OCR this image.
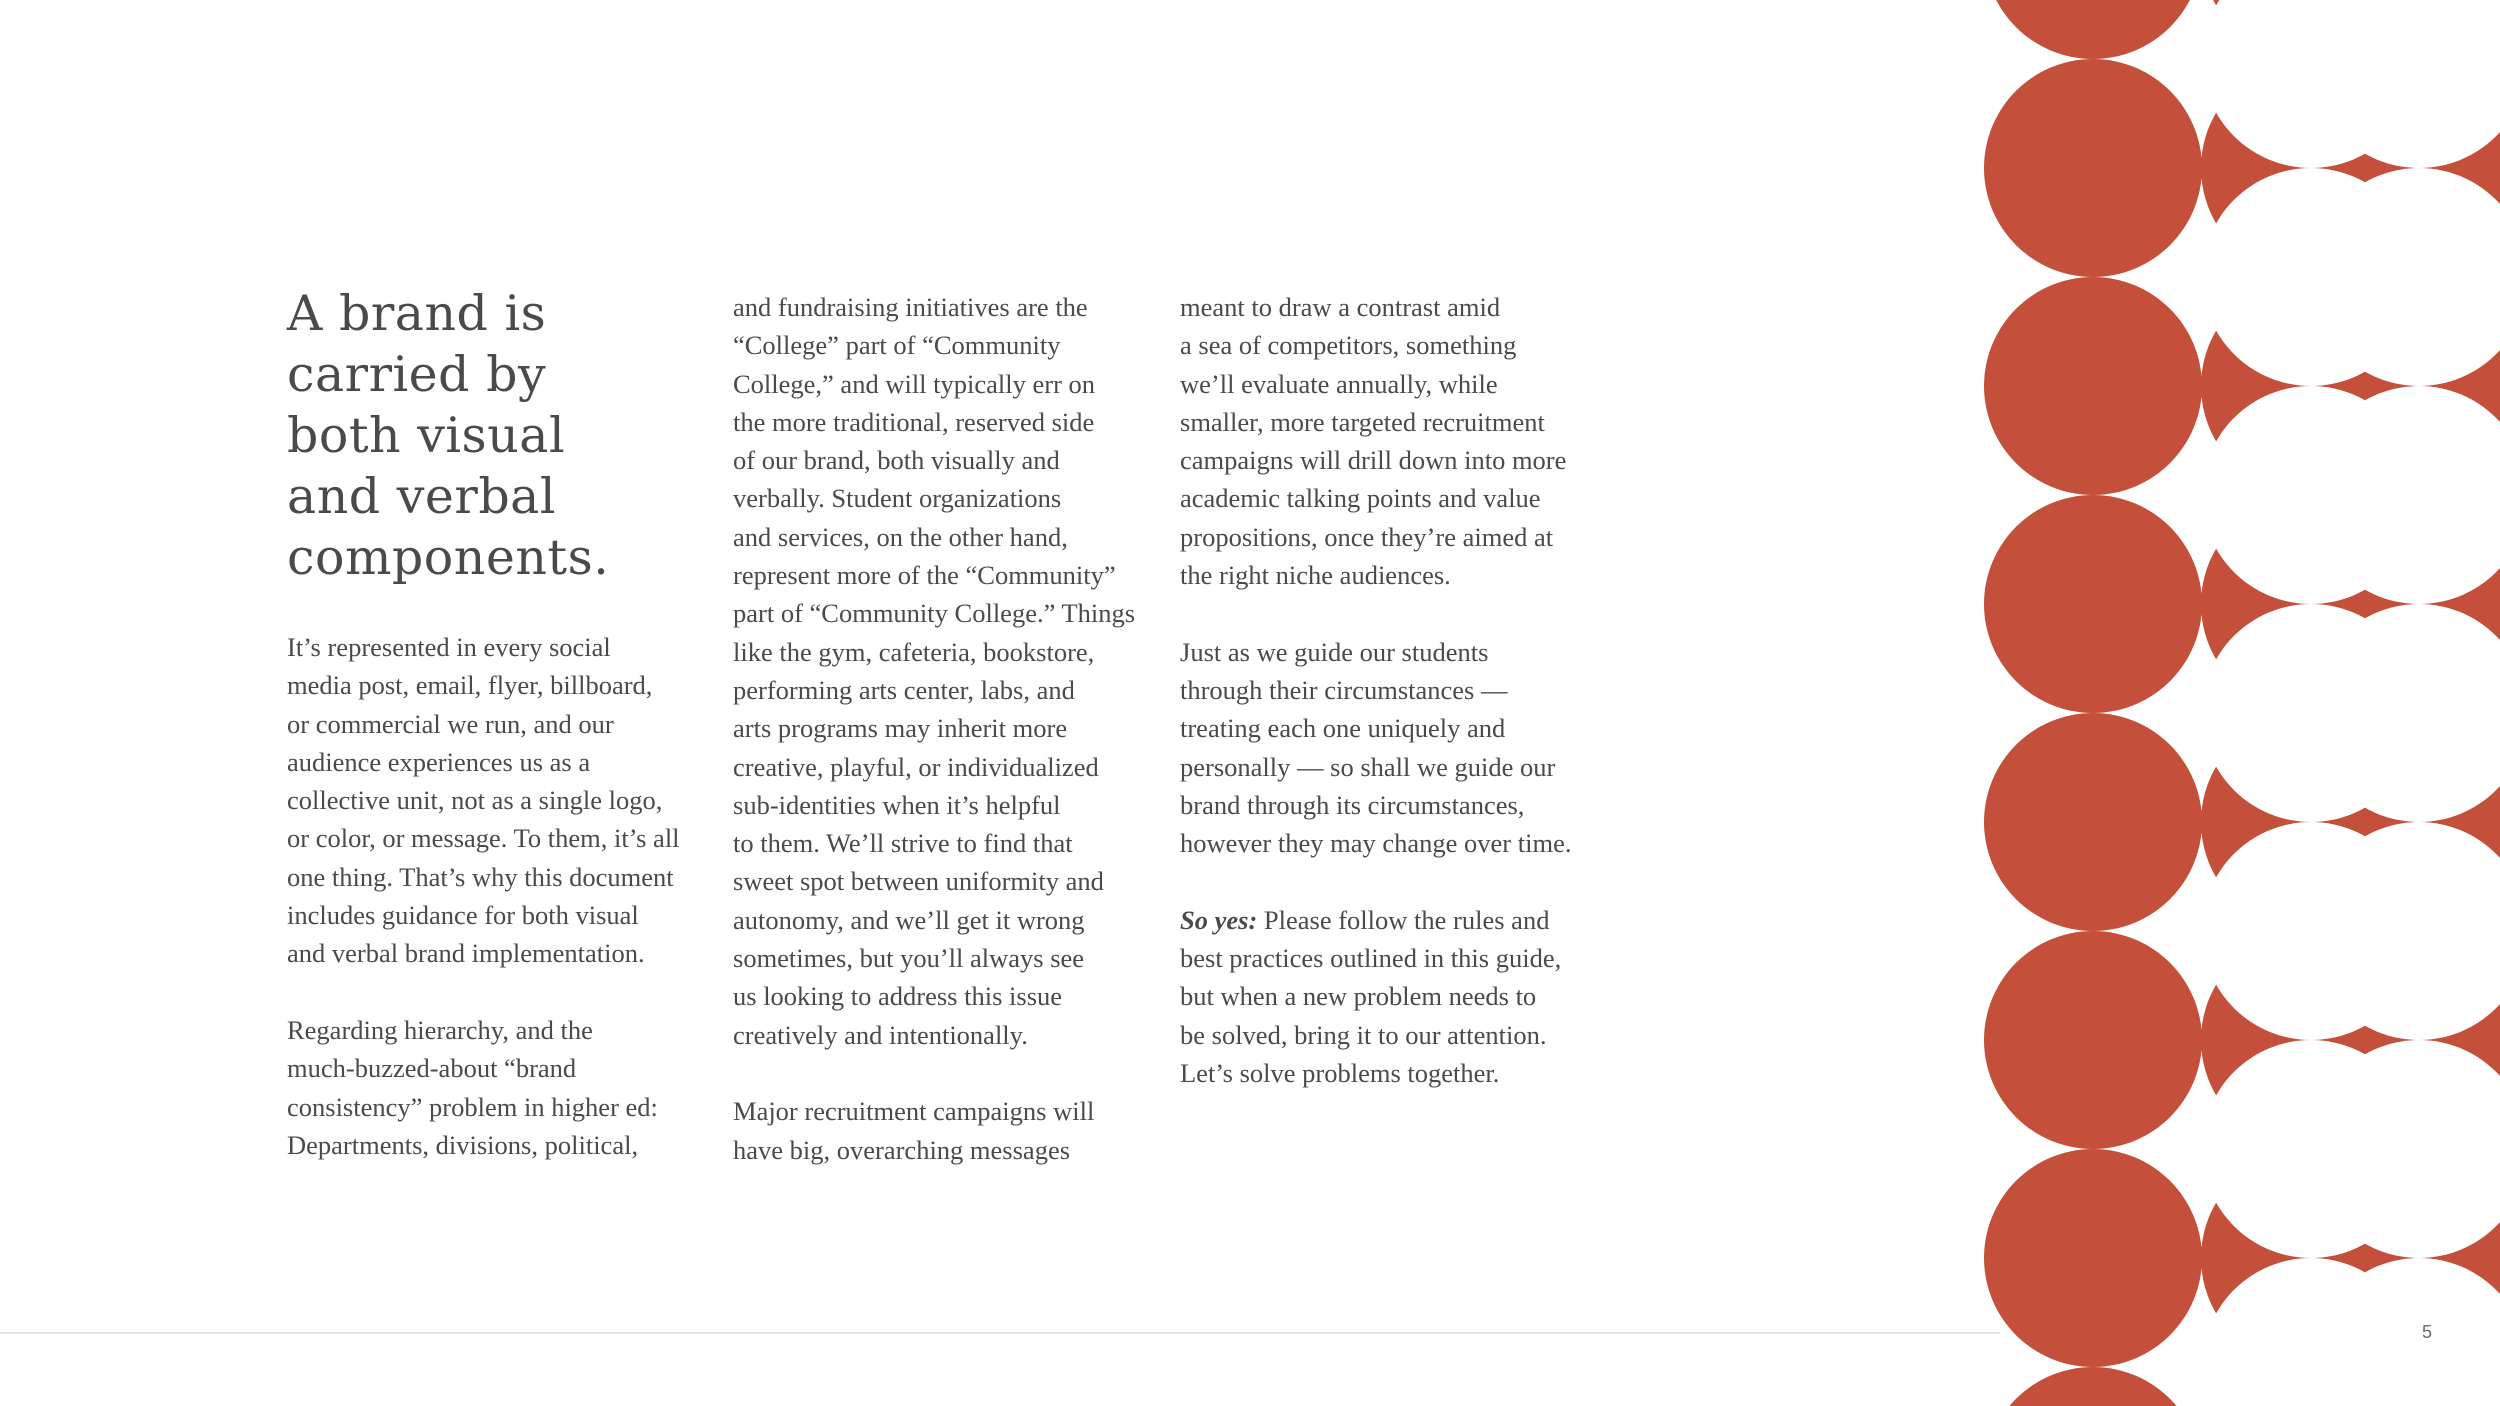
A brand is
carried by
both visual
and verbal
components.
It’s represented in every social
media post, email, flyer, billboard,
or commercial we run, and our
audience experiences us as a
collective unit, not as a single logo,
or color, or message. To them, it’s all
one thing. That’s why this document
includes guidance for both visual
and verbal brand implementation.
Regarding hierarchy, and the
much-buzzed-about “brand
consistency” problem in higher ed:
Departments, divisions, political,
and fundraising initiatives are the
“College” part of “Community
College,” and will typically err on
the more traditional, reserved side
of our brand, both visually and
verbally. Student organizations
and services, on the other hand,
represent more of the “Community”
part of “Community College.” Things
like the gym, cafeteria, bookstore,
performing arts center, labs, and
arts programs may inherit more
creative, playful, or individualized
sub-identities when it’s helpful
to them. We’ll strive to find that
sweet spot between uniformity and
autonomy, and we’ll get it wrong
sometimes, but you’ll always see
us looking to address this issue
creatively and intentionally.
Major recruitment campaigns will
have big, overarching messages
meant to draw a contrast amid
a sea of competitors, something
we’ll evaluate annually, while
smaller, more targeted recruitment
campaigns will drill down into more
academic talking points and value
propositions, once they’re aimed at
the right niche audiences.
Just as we guide our students
through their circumstances —
treating each one uniquely and
personally — so shall we guide our
brand through its circumstances,
however they may change over time.
So yes: Please follow the rules and
best practices outlined in this guide,
but when a new problem needs to
be solved, bring it to our attention.
Let’s solve problems together.
5
